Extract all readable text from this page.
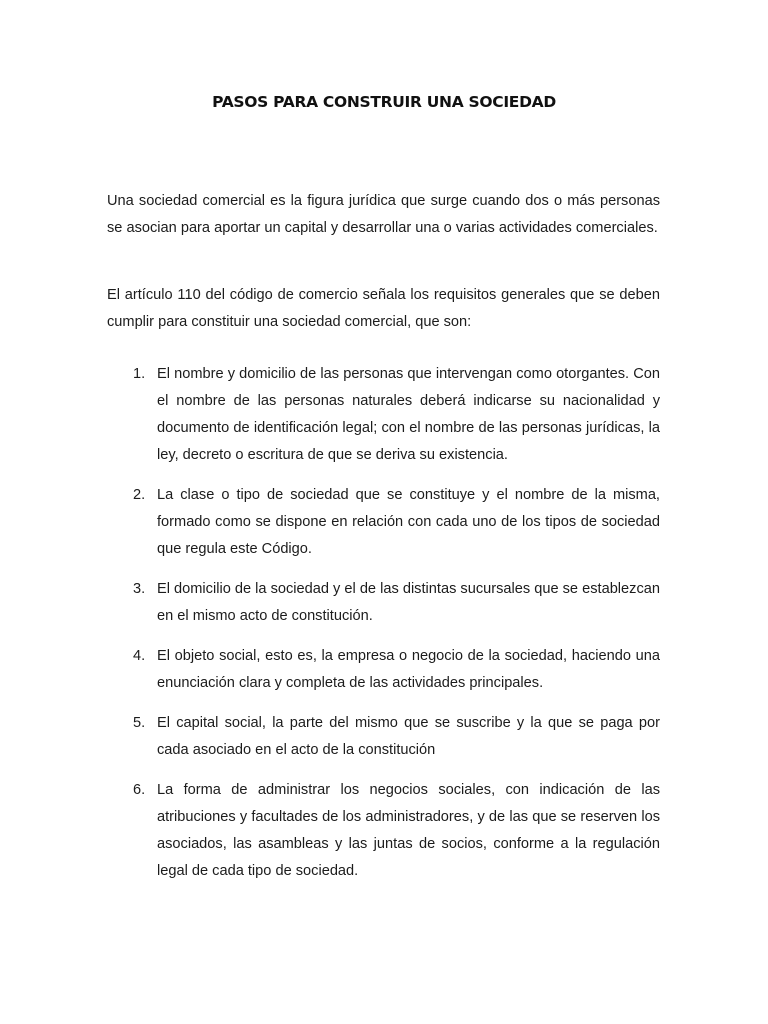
PASOS PARA CONSTRUIR UNA SOCIEDAD

Una sociedad comercial es la figura jurídica que surge cuando dos o más personas se asocian para aportar un capital y desarrollar una o varias actividades comerciales.

El artículo 110 del código de comercio señala los requisitos generales que se deben cumplir para constituir una sociedad comercial, que son:

1. El nombre y domicilio de las personas que intervengan como otorgantes. Con el nombre de las personas naturales deberá indicarse su nacionalidad y documento de identificación legal; con el nombre de las personas jurídicas, la ley, decreto o escritura de que se deriva su existencia.
2. La clase o tipo de sociedad que se constituye y el nombre de la misma, formado como se dispone en relación con cada uno de los tipos de sociedad que regula este Código.
3. El domicilio de la sociedad y el de las distintas sucursales que se establezcan en el mismo acto de constitución.
4. El objeto social, esto es, la empresa o negocio de la sociedad, haciendo una enunciación clara y completa de las actividades principales.
5. El capital social, la parte del mismo que se suscribe y la que se paga por cada asociado en el acto de la constitución
6. La forma de administrar los negocios sociales, con indicación de las atribuciones y facultades de los administradores, y de las que se reserven los asociados, las asambleas y las juntas de socios, conforme a la regulación legal de cada tipo de sociedad.
